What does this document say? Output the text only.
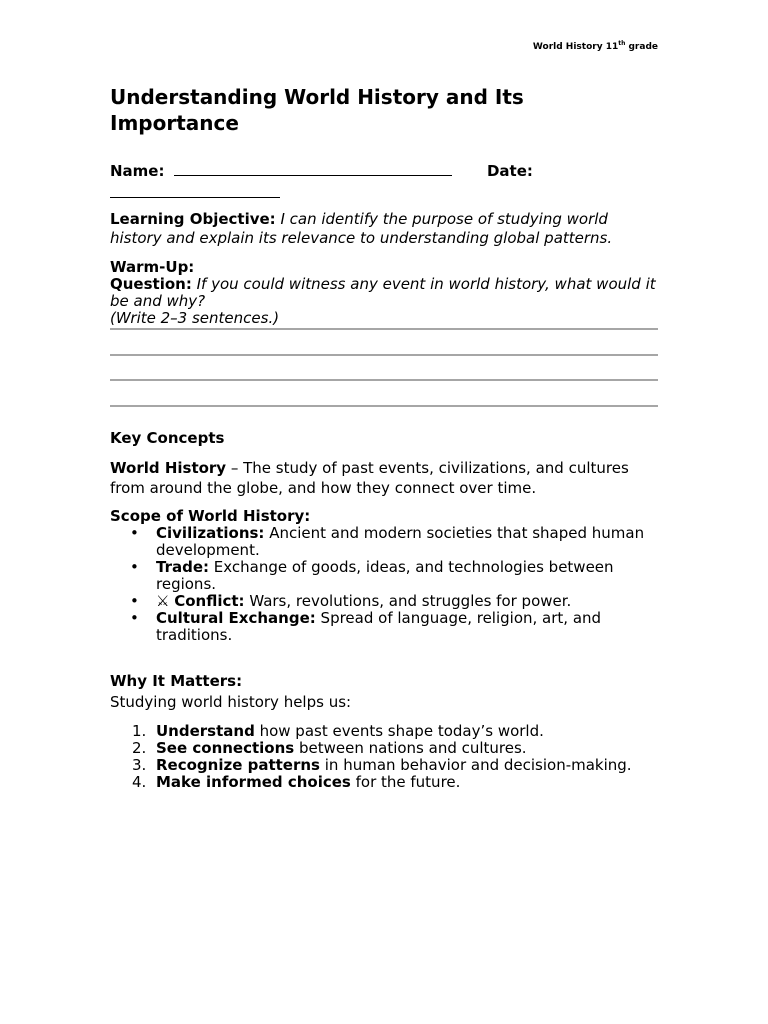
World History 11th grade
Understanding World History and Its Importance
Name:	Date:
Learning Objective: I can identify the purpose of studying world history and explain its relevance to understanding global patterns.
Warm-Up:
Question: If you could witness any event in world history, what would it be and why?
(Write 2–3 sentences.)
Key Concepts
World History – The study of past events, civilizations, and cultures from around the globe, and how they connect over time.
Scope of World History:
• Civilizations: Ancient and modern societies that shaped human development.
• Trade: Exchange of goods, ideas, and technologies between regions.
• ⚔ Conflict: Wars, revolutions, and struggles for power.
• Cultural Exchange: Spread of language, religion, art, and traditions.
Why It Matters:
Studying world history helps us:
1. Understand how past events shape today’s world.
2. See connections between nations and cultures.
3. Recognize patterns in human behavior and decision-making.
4. Make informed choices for the future.
